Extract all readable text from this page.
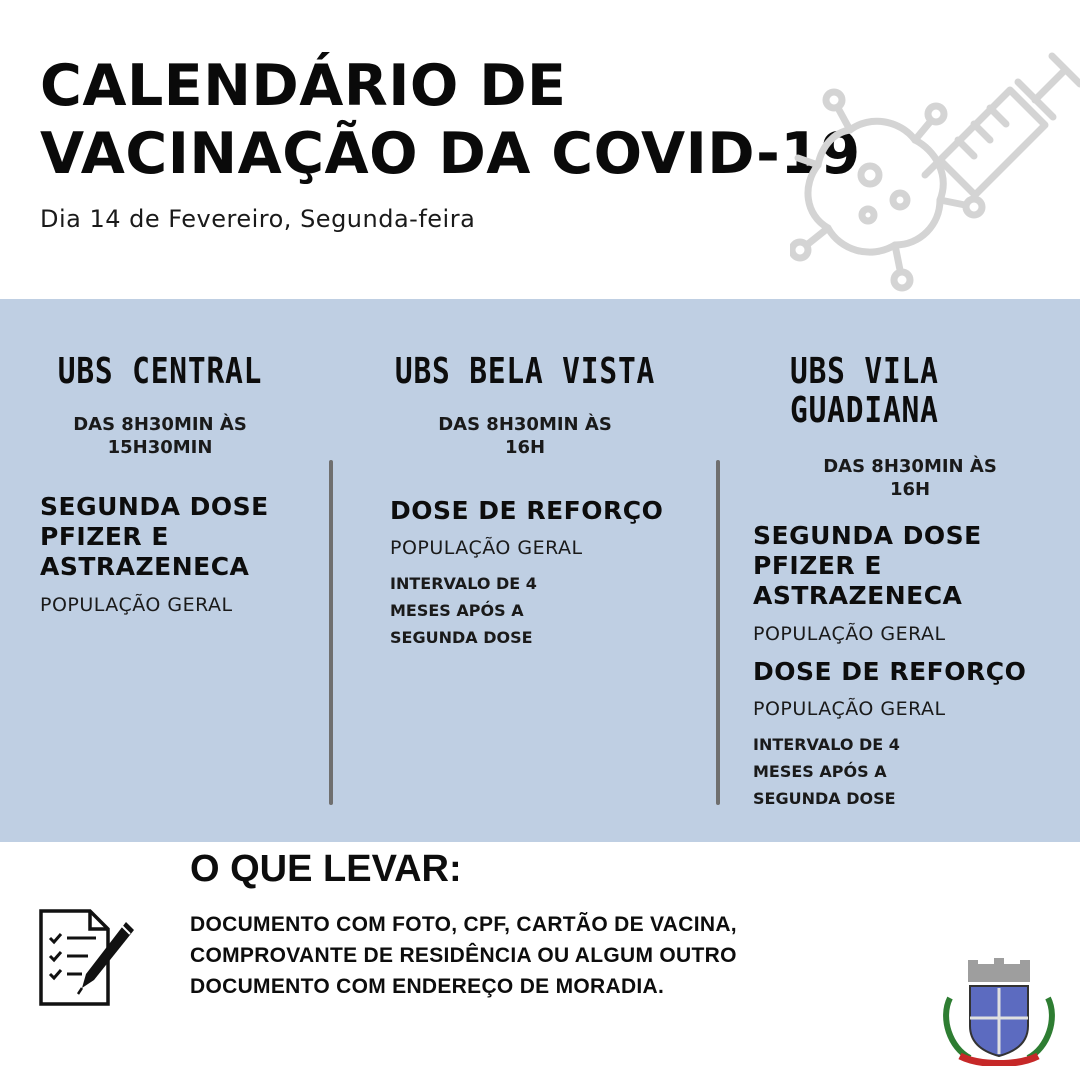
CALENDÁRIO DE
VACINAÇÃO DA COVID-19
Dia 14 de Fevereiro, Segunda-feira
UBS CENTRAL
DAS 8H30MIN ÀS
15H30MIN
SEGUNDA DOSE
PFIZER E
ASTRAZENECA
POPULAÇÃO GERAL
UBS BELA VISTA
DAS 8H30MIN ÀS
16H
DOSE DE REFORÇO
POPULAÇÃO GERAL
INTERVALO DE 4
MESES APÓS A
SEGUNDA DOSE
UBS VILA
GUADIANA
DAS 8H30MIN ÀS
16H
SEGUNDA DOSE
PFIZER E
ASTRAZENECA
POPULAÇÃO GERAL
DOSE DE REFORÇO
POPULAÇÃO GERAL
INTERVALO DE 4
MESES APÓS A
SEGUNDA DOSE
O QUE LEVAR:
DOCUMENTO COM FOTO, CPF, CARTÃO DE VACINA,
COMPROVANTE DE RESIDÊNCIA OU ALGUM OUTRO
DOCUMENTO COM ENDEREÇO DE MORADIA.
